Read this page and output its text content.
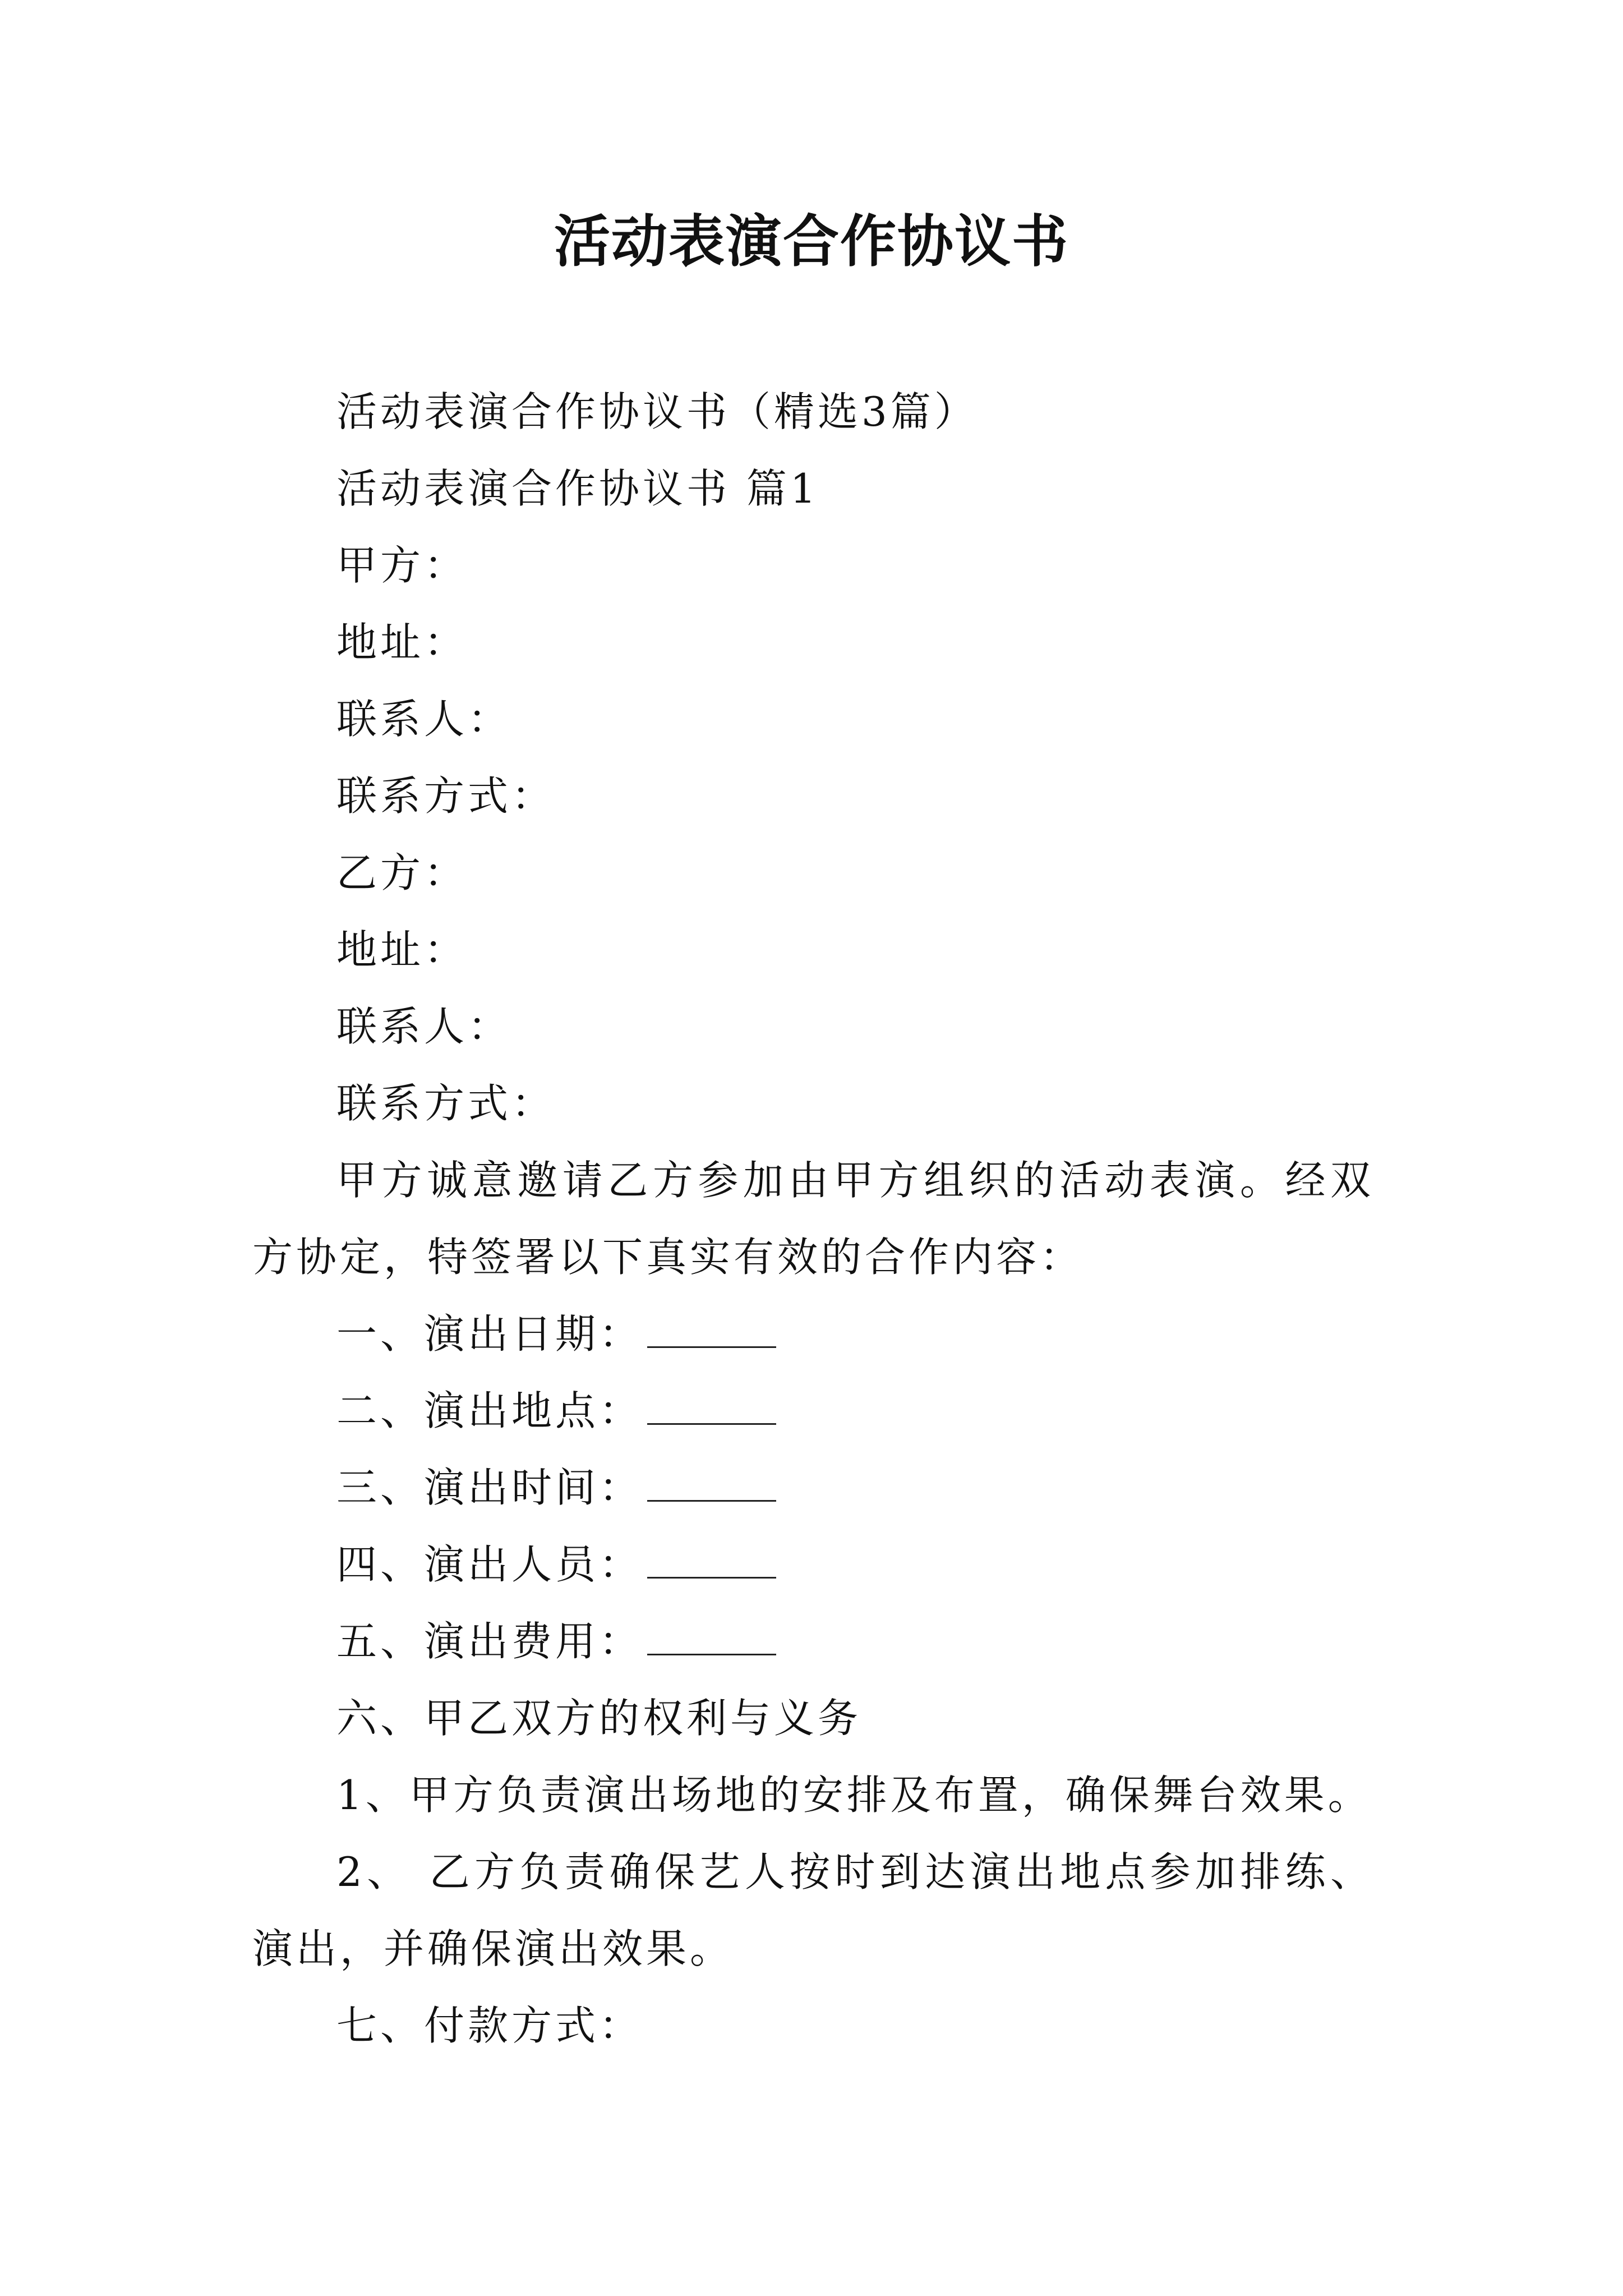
活动表演合作协议书

活动表演合作协议书（精选3篇）

活动表演合作协议书 篇1

甲方：

地址：

联系人：

联系方式：

乙方：

地址：

联系人：

联系方式：

甲方诚意邀请乙方参加由甲方组织的活动表演。经双方协定，特签署以下真实有效的合作内容：

一、演出日期：

二、演出地点：

三、演出时间：

四、演出人员：

五、演出费用：

六、甲乙双方的权利与义务

1、甲方负责演出场地的安排及布置，确保舞台效果。

2、 乙方负责确保艺人按时到达演出地点参加排练、演出，并确保演出效果。

七、付款方式：
